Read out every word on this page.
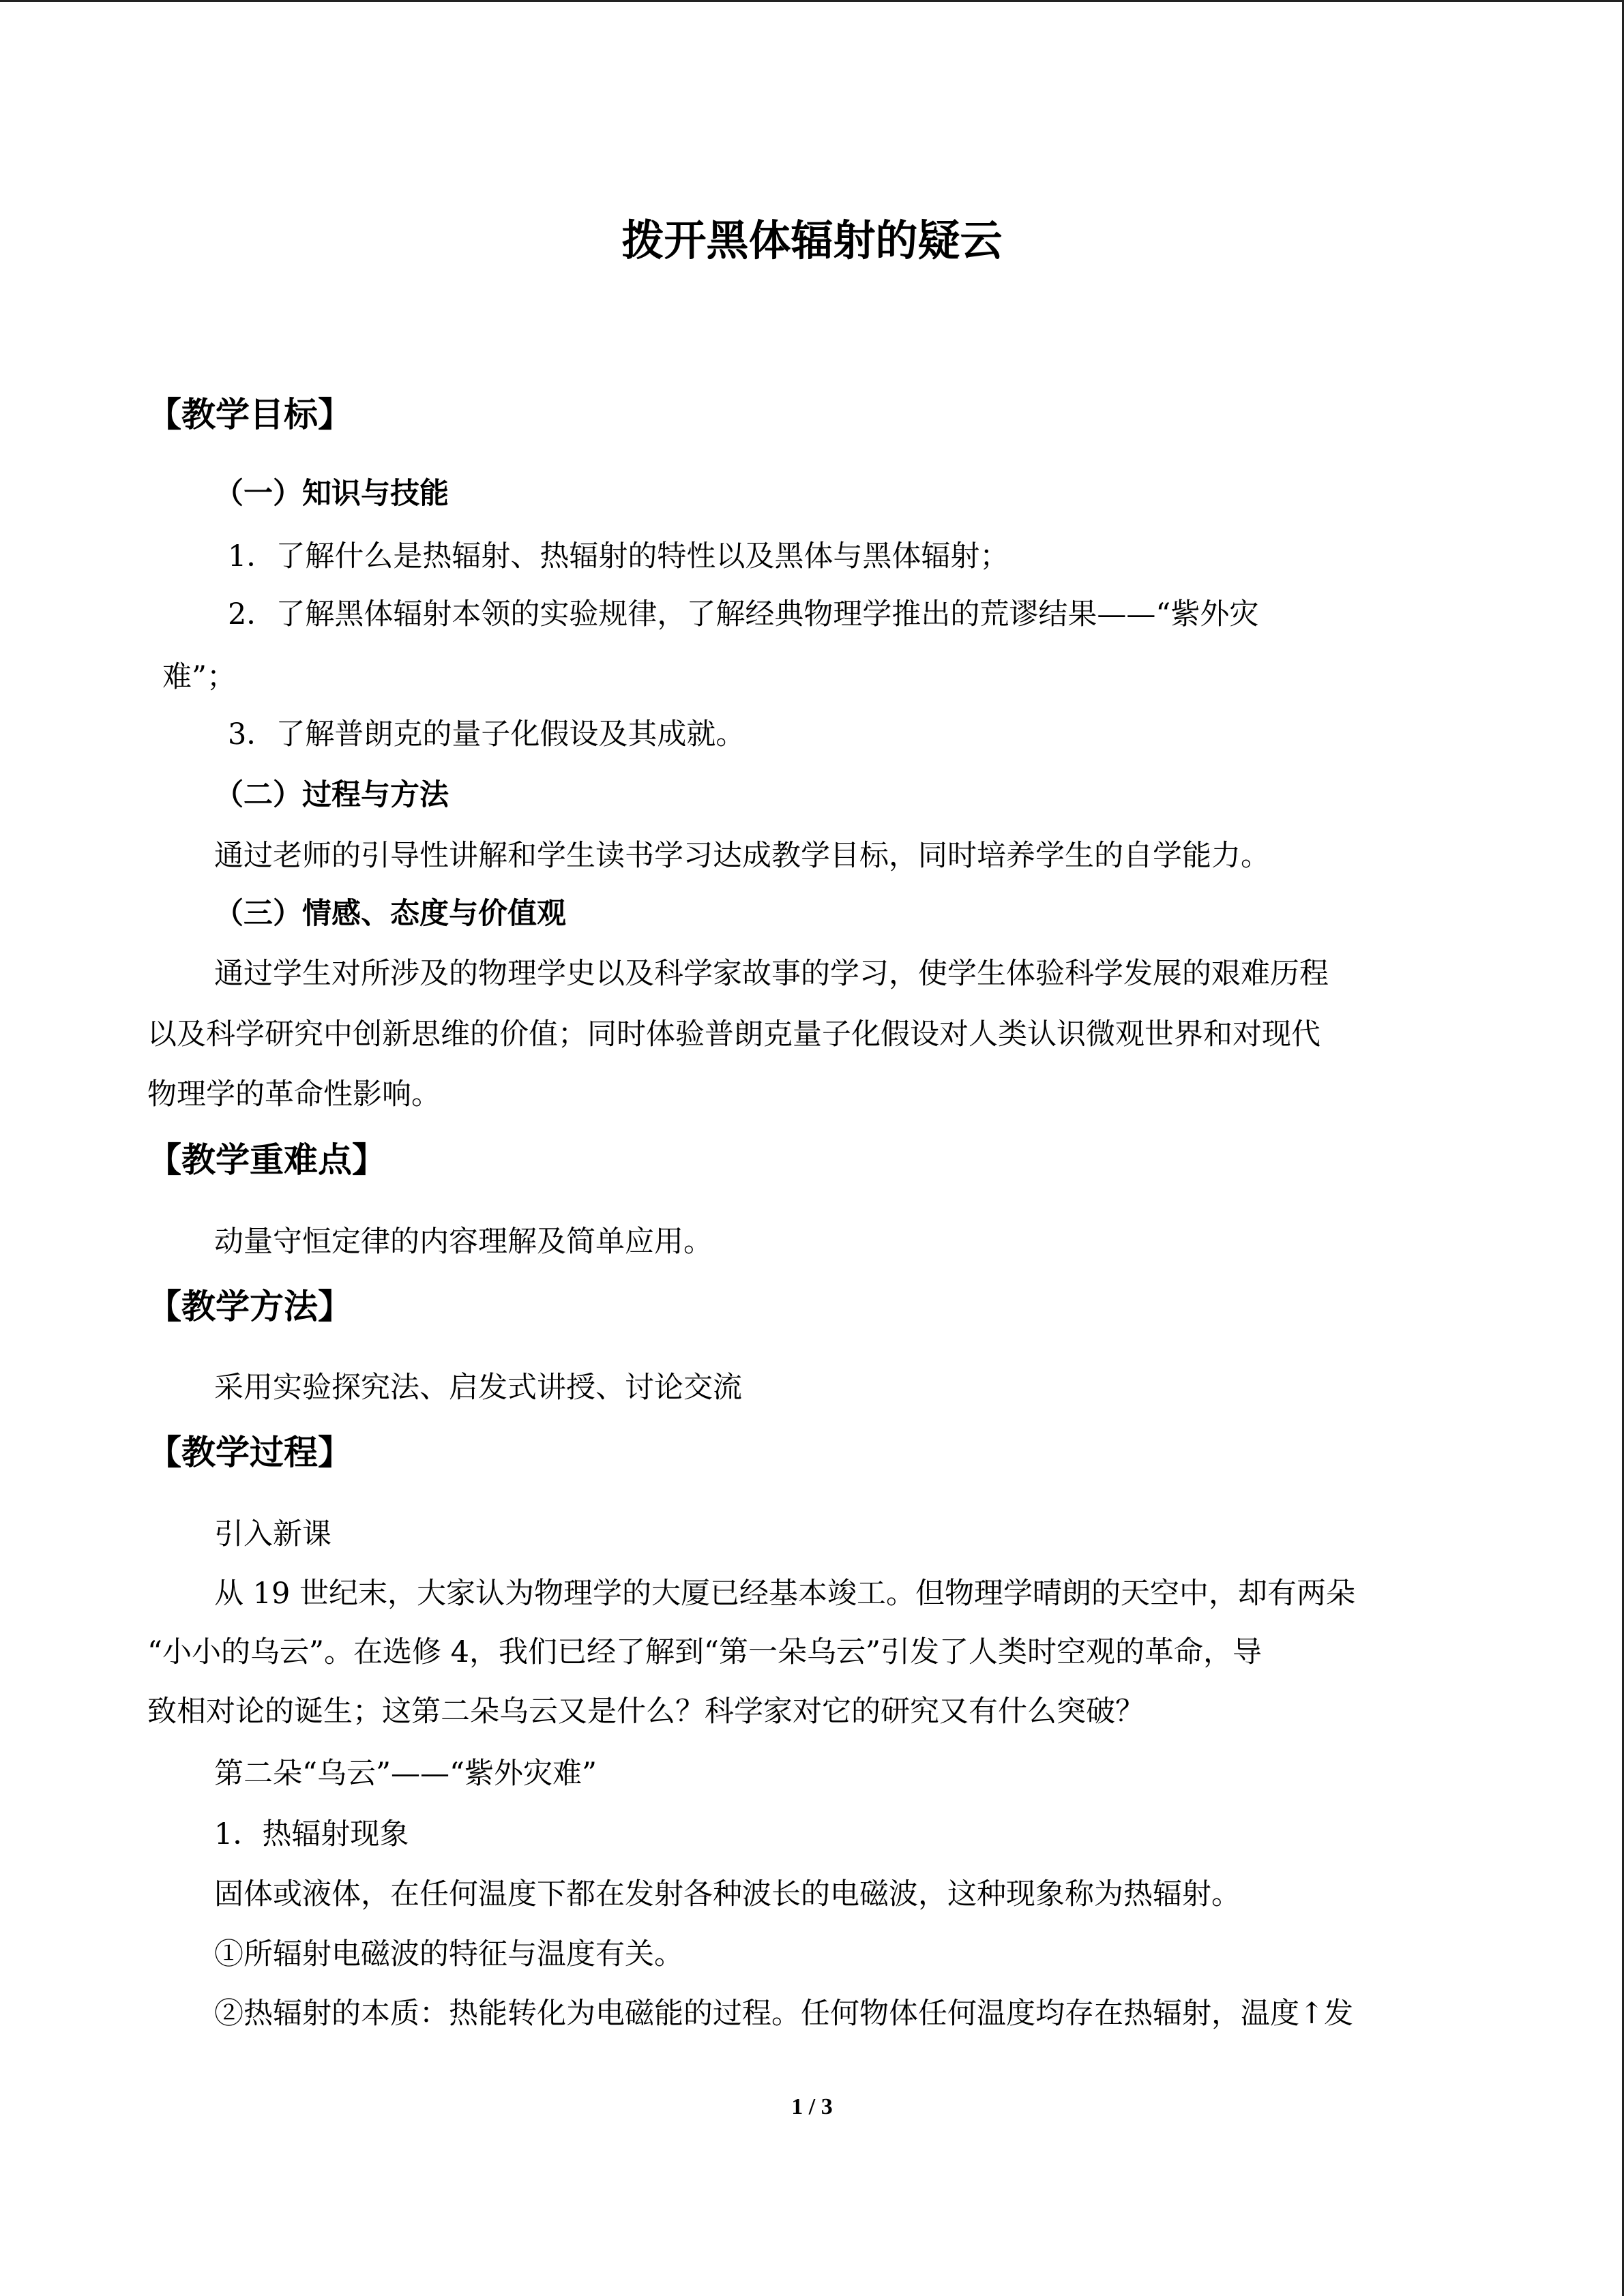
拨开黑体辐射的疑云
【教学目标】
（一）知识与技能

1．了解什么是热辐射、热辐射的特性以及黑体与黑体辐射；

2．了解黑体辐射本领的实验规律，了解经典物理学推出的荒谬结果——“紫外灾

难”；

3．了解普朗克的量子化假设及其成就。

（二）过程与方法

通过老师的引导性讲解和学生读书学习达成教学目标，同时培养学生的自学能力。

（三）情感、态度与价值观

通过学生对所涉及的物理学史以及科学家故事的学习，使学生体验科学发展的艰难历程

以及科学研究中创新思维的价值；同时体验普朗克量子化假设对人类认识微观世界和对现代

物理学的革命性影响。

【教学重难点】

动量守恒定律的内容理解及简单应用。

【教学方法】

采用实验探究法、启发式讲授、讨论交流

【教学过程】

引入新课

从 19 世纪末，大家认为物理学的大厦已经基本竣工。但物理学晴朗的天空中，却有两朵

“小小的乌云”。在选修 4，我们已经了解到“第一朵乌云”引发了人类时空观的革命，导

致相对论的诞生；这第二朵乌云又是什么？科学家对它的研究又有什么突破？

第二朵“乌云”——“紫外灾难”

1．热辐射现象

固体或液体，在任何温度下都在发射各种波长的电磁波，这种现象称为热辐射。

①所辐射电磁波的特征与温度有关。

②热辐射的本质：热能转化为电磁能的过程。任何物体任何温度均存在热辐射，温度↑发

1 / 3
